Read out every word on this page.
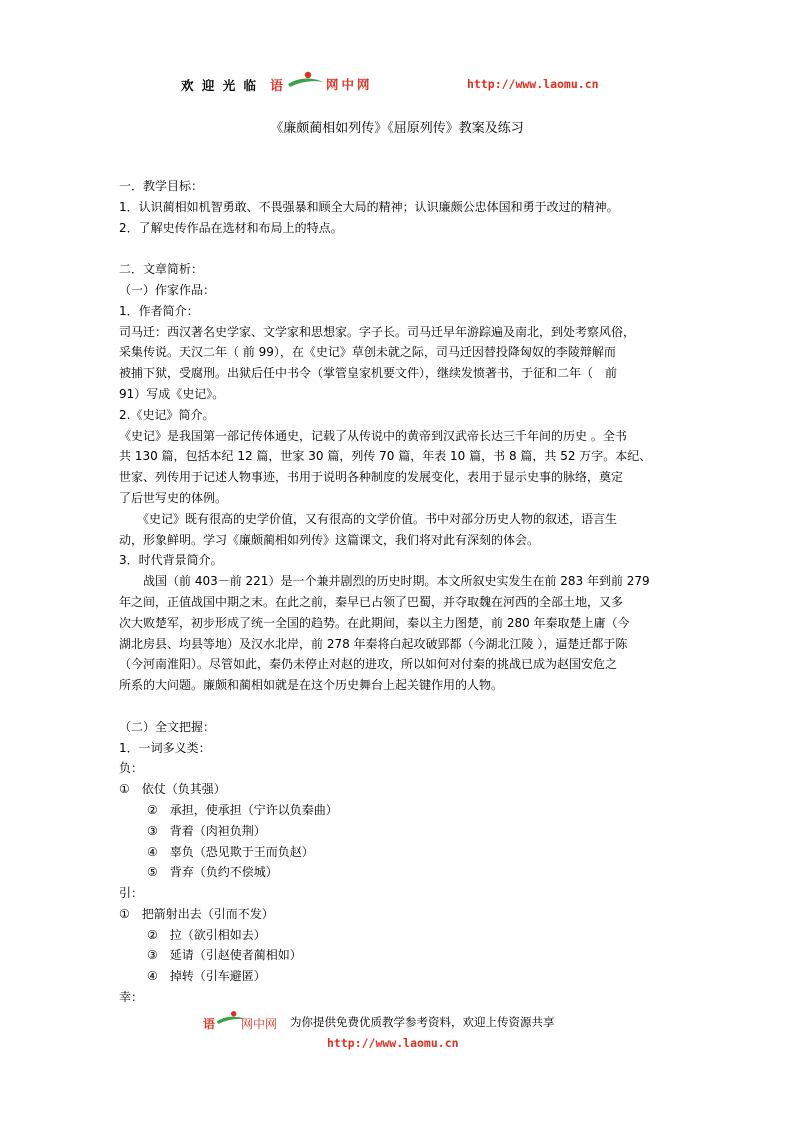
欢 迎 光 临 语	网中网	http://www.laomu.cn
《廉颇蔺相如列传》《屈原列传》教案及练习
一．教学目标：
1．认识蔺相如机智勇敢、不畏强暴和顾全大局的精神；认识廉颇公忠体国和勇于改过的精神。
2．了解史传作品在选材和布局上的特点。
二．文章简析：
（一）作家作品：
1．作者简介：
司马迁：西汉著名史学家、文学家和思想家。字子长。司马迁早年游踪遍及南北，到处考察风俗，
采集传说。天汉二年（ 前 99），在《史记》草创未就之际，司马迁因替投降匈奴的李陵辩解而
被捕下狱，受腐刑。出狱后任中书令（掌管皇家机要文件），继续发愤著书，于征和二年（　前
91）写成《史记》。
2.《史记》简介。
《史记》是我国第一部记传体通史，记载了从传说中的黄帝到汉武帝长达三千年间的历史 。全书
共 130 篇，包括本纪 12 篇，世家 30 篇，列传 70 篇，年表 10 篇，书 8 篇，共 52 万字。本纪、
世家、列传用于记述人物事迹，书用于说明各种制度的发展变化，表用于显示史事的脉络，奠定
了后世写史的体例。
　　《史记》既有很高的史学价值，又有很高的文学价值。书中对部分历史人物的叙述，语言生
动，形象鲜明。学习《廉颇蔺相如列传》这篇课文，我们将对此有深刻的体会。
3．时代背景简介。
　　战国（前 403－前 221）是一个兼并剧烈的历史时期。本文所叙史实发生在前 283 年到前 279
年之间，正值战国中期之末。在此之前，秦早已占领了巴蜀，并夺取魏在河西的全部土地，又多
次大败楚军，初步形成了统一全国的趋势。在此期间，秦以主力图楚，前 280 年秦取楚上庸（今
湖北房县、均县等地）及汉水北岸，前 278 年秦将白起攻破郢都（今湖北江陵 ），逼楚迁都于陈
（今河南淮阳）。尽管如此，秦仍未停止对赵的进攻，所以如何对付秦的挑战已成为赵国安危之
所系的大问题。廉颇和蔺相如就是在这个历史舞台上起关键作用的人物。
（二）全文把握：
1．一词多义类：
负：
①　依仗（负其强）
②　承担，使承担（宁许以负秦曲）
③　背着（肉袒负荆）
④　辜负（恐见欺于王而负赵）
⑤　背弃（负约不偿城）
引：
①　把箭射出去（引而不发）
②　拉（欲引相如去）
③　延请（引赵使者蔺相如）
④　掉转（引车避匿）
幸：
语 网中网 为你提供免费优质教学参考资料，欢迎上传资源共享
http://www.laomu.cn
